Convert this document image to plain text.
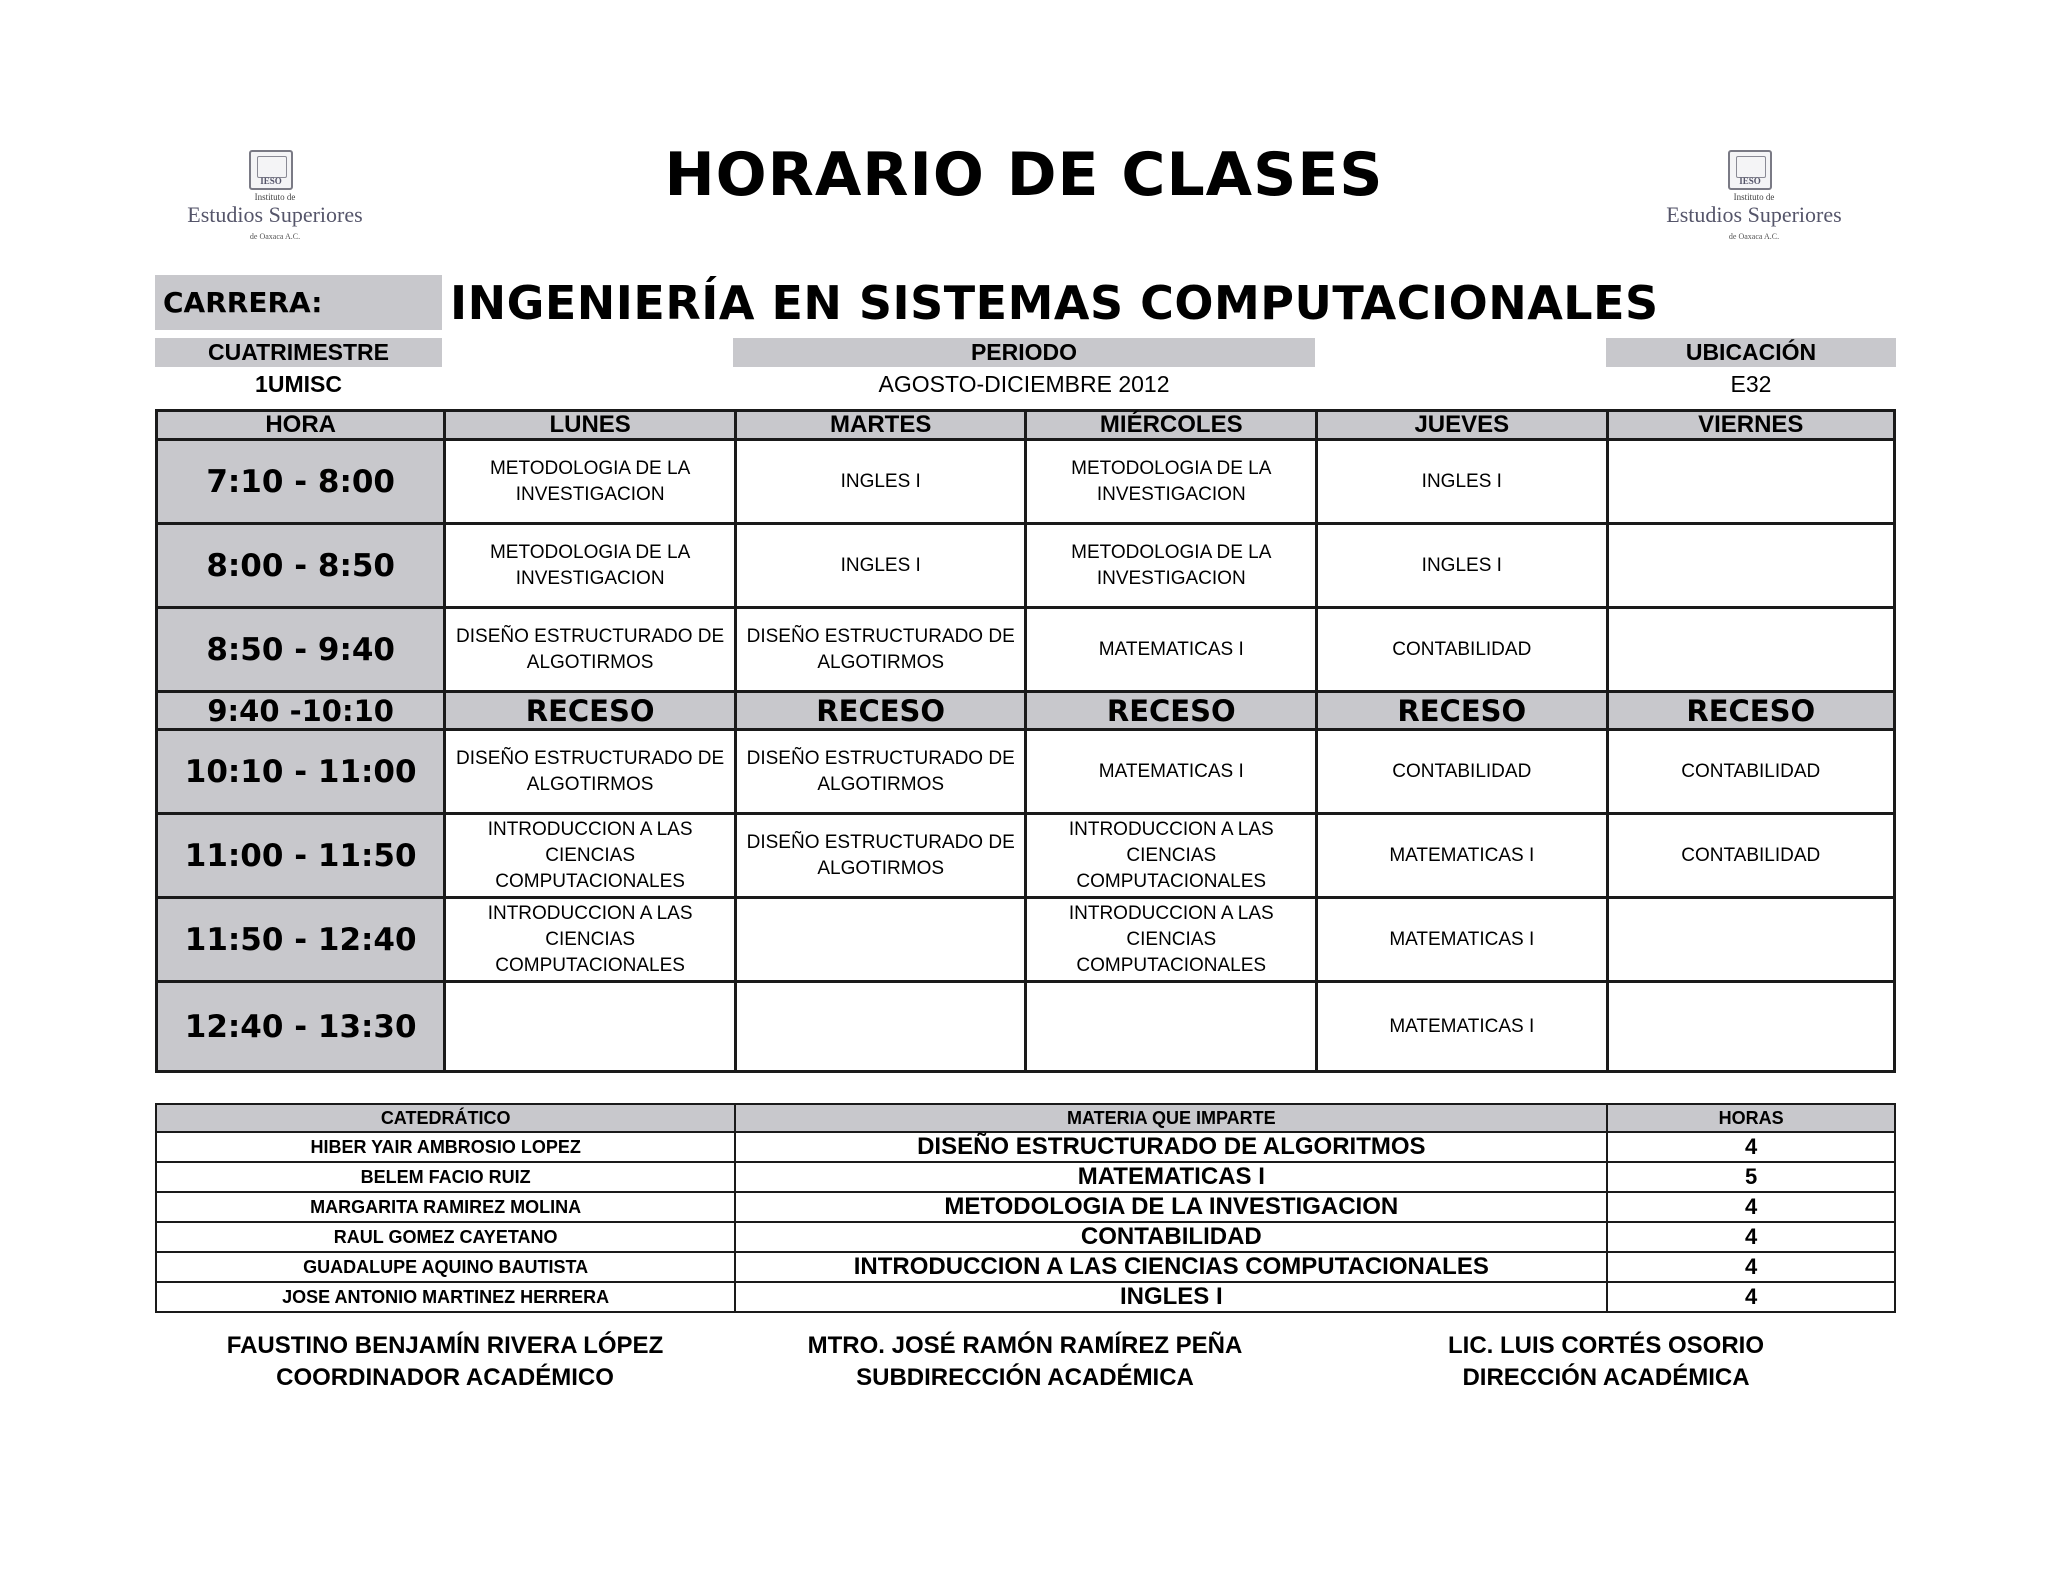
IESO
Instituto de
Estudios Superiores
de Oaxaca A.C.
IESO
Instituto de
Estudios Superiores
de Oaxaca A.C.
HORARIO DE CLASES
CARRERA:	INGENIERÍA EN SISTEMAS COMPUTACIONALES
CUATRIMESTRE	PERIODO	UBICACIÓN
1UMISC	AGOSTO-DICIEMBRE 2012	E32
HORA	LUNES	MARTES	MIÉRCOLES	JUEVES	VIERNES
7:10 - 8:00	METODOLOGIA DE LA INVESTIGACION	INGLES I	METODOLOGIA DE LA INVESTIGACION	INGLES I	
8:00 - 8:50	METODOLOGIA DE LA INVESTIGACION	INGLES I	METODOLOGIA DE LA INVESTIGACION	INGLES I	
8:50 - 9:40	DISEÑO ESTRUCTURADO DE ALGOTIRMOS	DISEÑO ESTRUCTURADO DE ALGOTIRMOS	MATEMATICAS I	CONTABILIDAD	
9:40 -10:10	RECESO	RECESO	RECESO	RECESO	RECESO
10:10 - 11:00	DISEÑO ESTRUCTURADO DE ALGOTIRMOS	DISEÑO ESTRUCTURADO DE ALGOTIRMOS	MATEMATICAS I	CONTABILIDAD	CONTABILIDAD
11:00 - 11:50	INTRODUCCION A LAS CIENCIAS COMPUTACIONALES	DISEÑO ESTRUCTURADO DE ALGOTIRMOS	INTRODUCCION A LAS CIENCIAS COMPUTACIONALES	MATEMATICAS I	CONTABILIDAD
11:50 - 12:40	INTRODUCCION A LAS CIENCIAS COMPUTACIONALES		INTRODUCCION A LAS CIENCIAS COMPUTACIONALES	MATEMATICAS I	
12:40 - 13:30				MATEMATICAS I	
CATEDRÁTICO	MATERIA QUE IMPARTE	HORAS
HIBER YAIR AMBROSIO LOPEZ	DISEÑO ESTRUCTURADO DE ALGORITMOS	4
BELEM FACIO RUIZ	MATEMATICAS I	5
MARGARITA RAMIREZ MOLINA	METODOLOGIA DE LA INVESTIGACION	4
RAUL GOMEZ CAYETANO	CONTABILIDAD	4
GUADALUPE AQUINO BAUTISTA	INTRODUCCION A LAS CIENCIAS COMPUTACIONALES	4
JOSE ANTONIO MARTINEZ HERRERA	INGLES I	4
FAUSTINO BENJAMÍN RIVERA LÓPEZ
COORDINADOR ACADÉMICO
MTRO. JOSÉ RAMÓN RAMÍREZ PEÑA
SUBDIRECCIÓN ACADÉMICA
LIC. LUIS CORTÉS OSORIO
DIRECCIÓN ACADÉMICA
